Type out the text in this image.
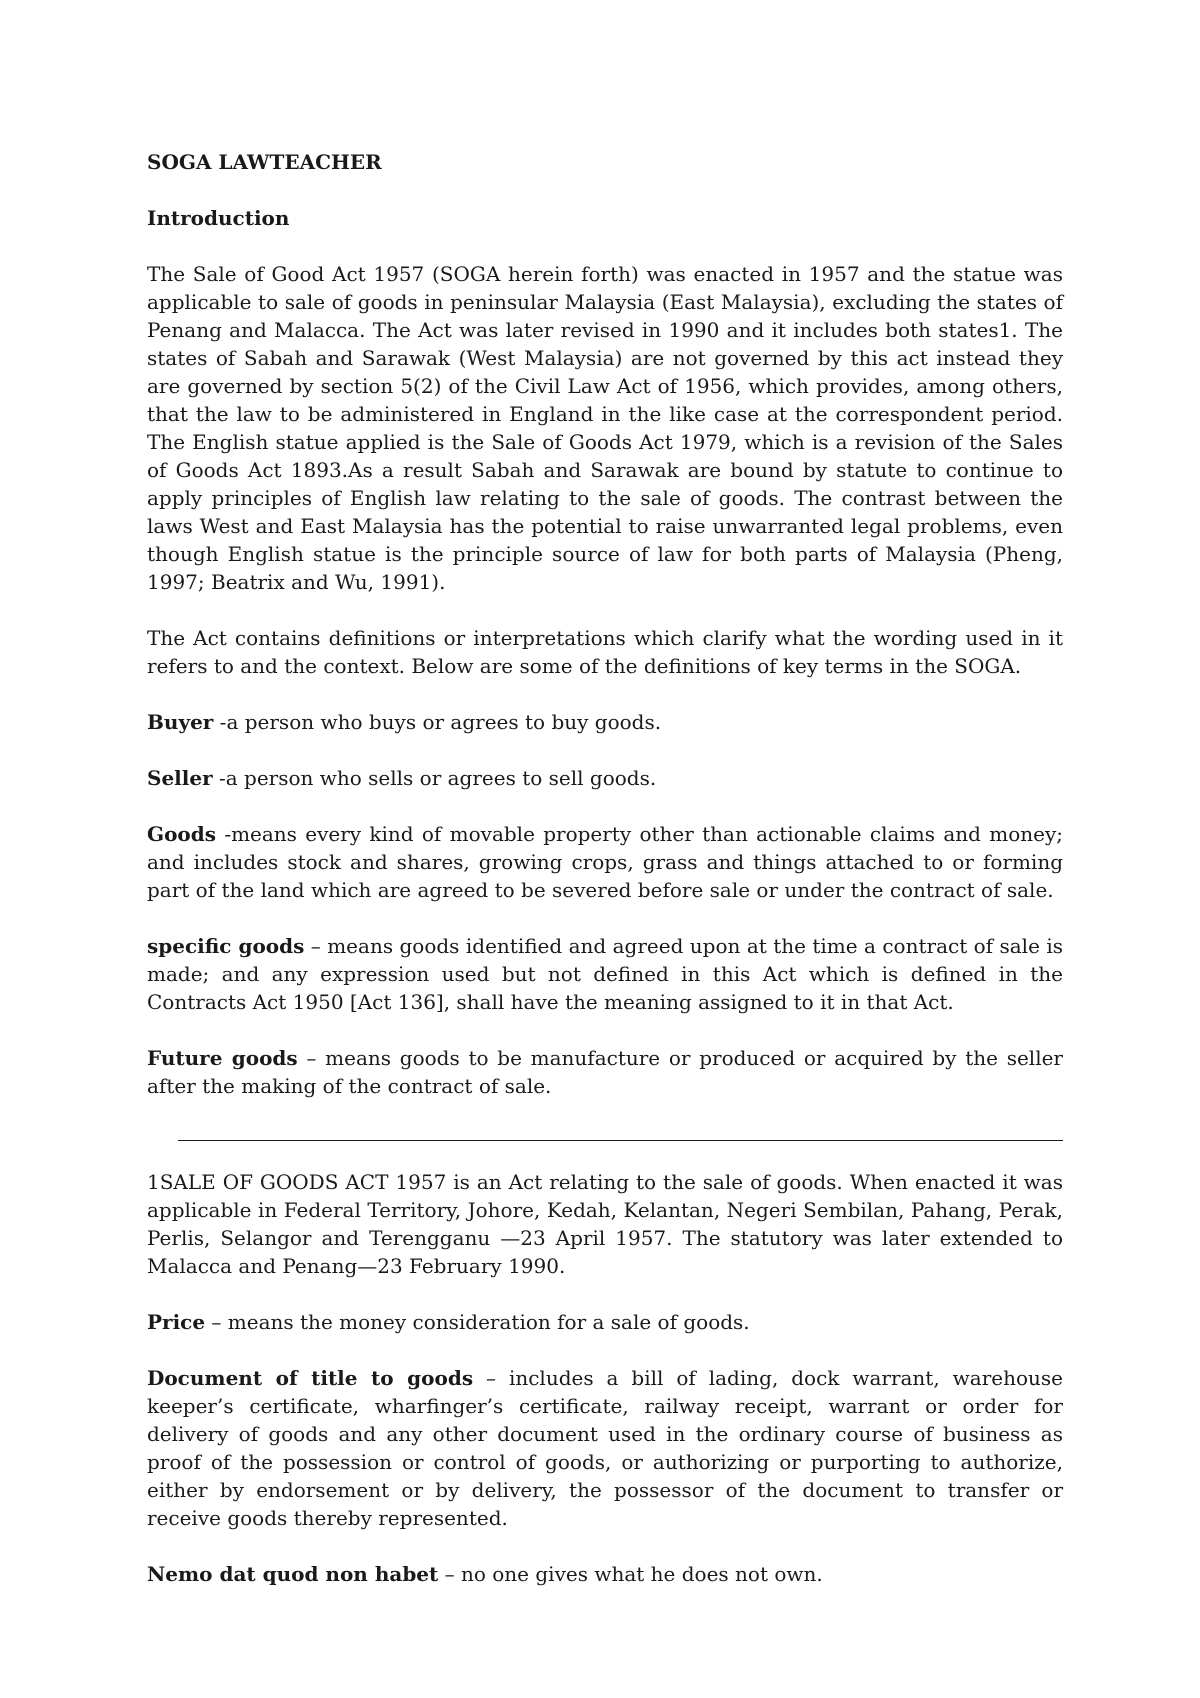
SOGA LAWTEACHER

Introduction

The Sale of Good Act 1957 (SOGA herein forth) was enacted in 1957 and the statue was applicable to sale of goods in peninsular Malaysia (East Malaysia), excluding the states of Penang and Malacca. The Act was later revised in 1990 and it includes both states1. The states of Sabah and Sarawak (West Malaysia) are not governed by this act instead they are governed by section 5(2) of the Civil Law Act of 1956, which provides, among others, that the law to be administered in England in the like case at the correspondent period. The English statue applied is the Sale of Goods Act 1979, which is a revision of the Sales of Goods Act 1893.As a result Sabah and Sarawak are bound by statute to continue to apply principles of English law relating to the sale of goods. The contrast between the laws West and East Malaysia has the potential to raise unwarranted legal problems, even though English statue is the principle source of law for both parts of Malaysia (Pheng, 1997; Beatrix and Wu, 1991).

The Act contains definitions or interpretations which clarify what the wording used in it refers to and the context. Below are some of the definitions of key terms in the SOGA.

Buyer -a person who buys or agrees to buy goods.

Seller -a person who sells or agrees to sell goods.

Goods -means every kind of movable property other than actionable claims and money; and includes stock and shares, growing crops, grass and things attached to or forming part of the land which are agreed to be severed before sale or under the contract of sale.

specific goods – means goods identified and agreed upon at the time a contract of sale is made; and any expression used but not defined in this Act which is defined in the Contracts Act 1950 [Act 136], shall have the meaning assigned to it in that Act.

Future goods – means goods to be manufacture or produced or acquired by the seller after the making of the contract of sale.

1SALE OF GOODS ACT 1957 is an Act relating to the sale of goods. When enacted it was applicable in Federal Territory, Johore, Kedah, Kelantan, Negeri Sembilan, Pahang, Perak, Perlis, Selangor and Terengganu —23 April 1957. The statutory was later extended to Malacca and Penang—23 February 1990.

Price – means the money consideration for a sale of goods.

Document of title to goods – includes a bill of lading, dock warrant, warehouse keeper’s certificate, wharfinger’s certificate, railway receipt, warrant or order for delivery of goods and any other document used in the ordinary course of business as proof of the possession or control of goods, or authorizing or purporting to authorize, either by endorsement or by delivery, the possessor of the document to transfer or receive goods thereby represented.

Nemo dat quod non habet – no one gives what he does not own.
